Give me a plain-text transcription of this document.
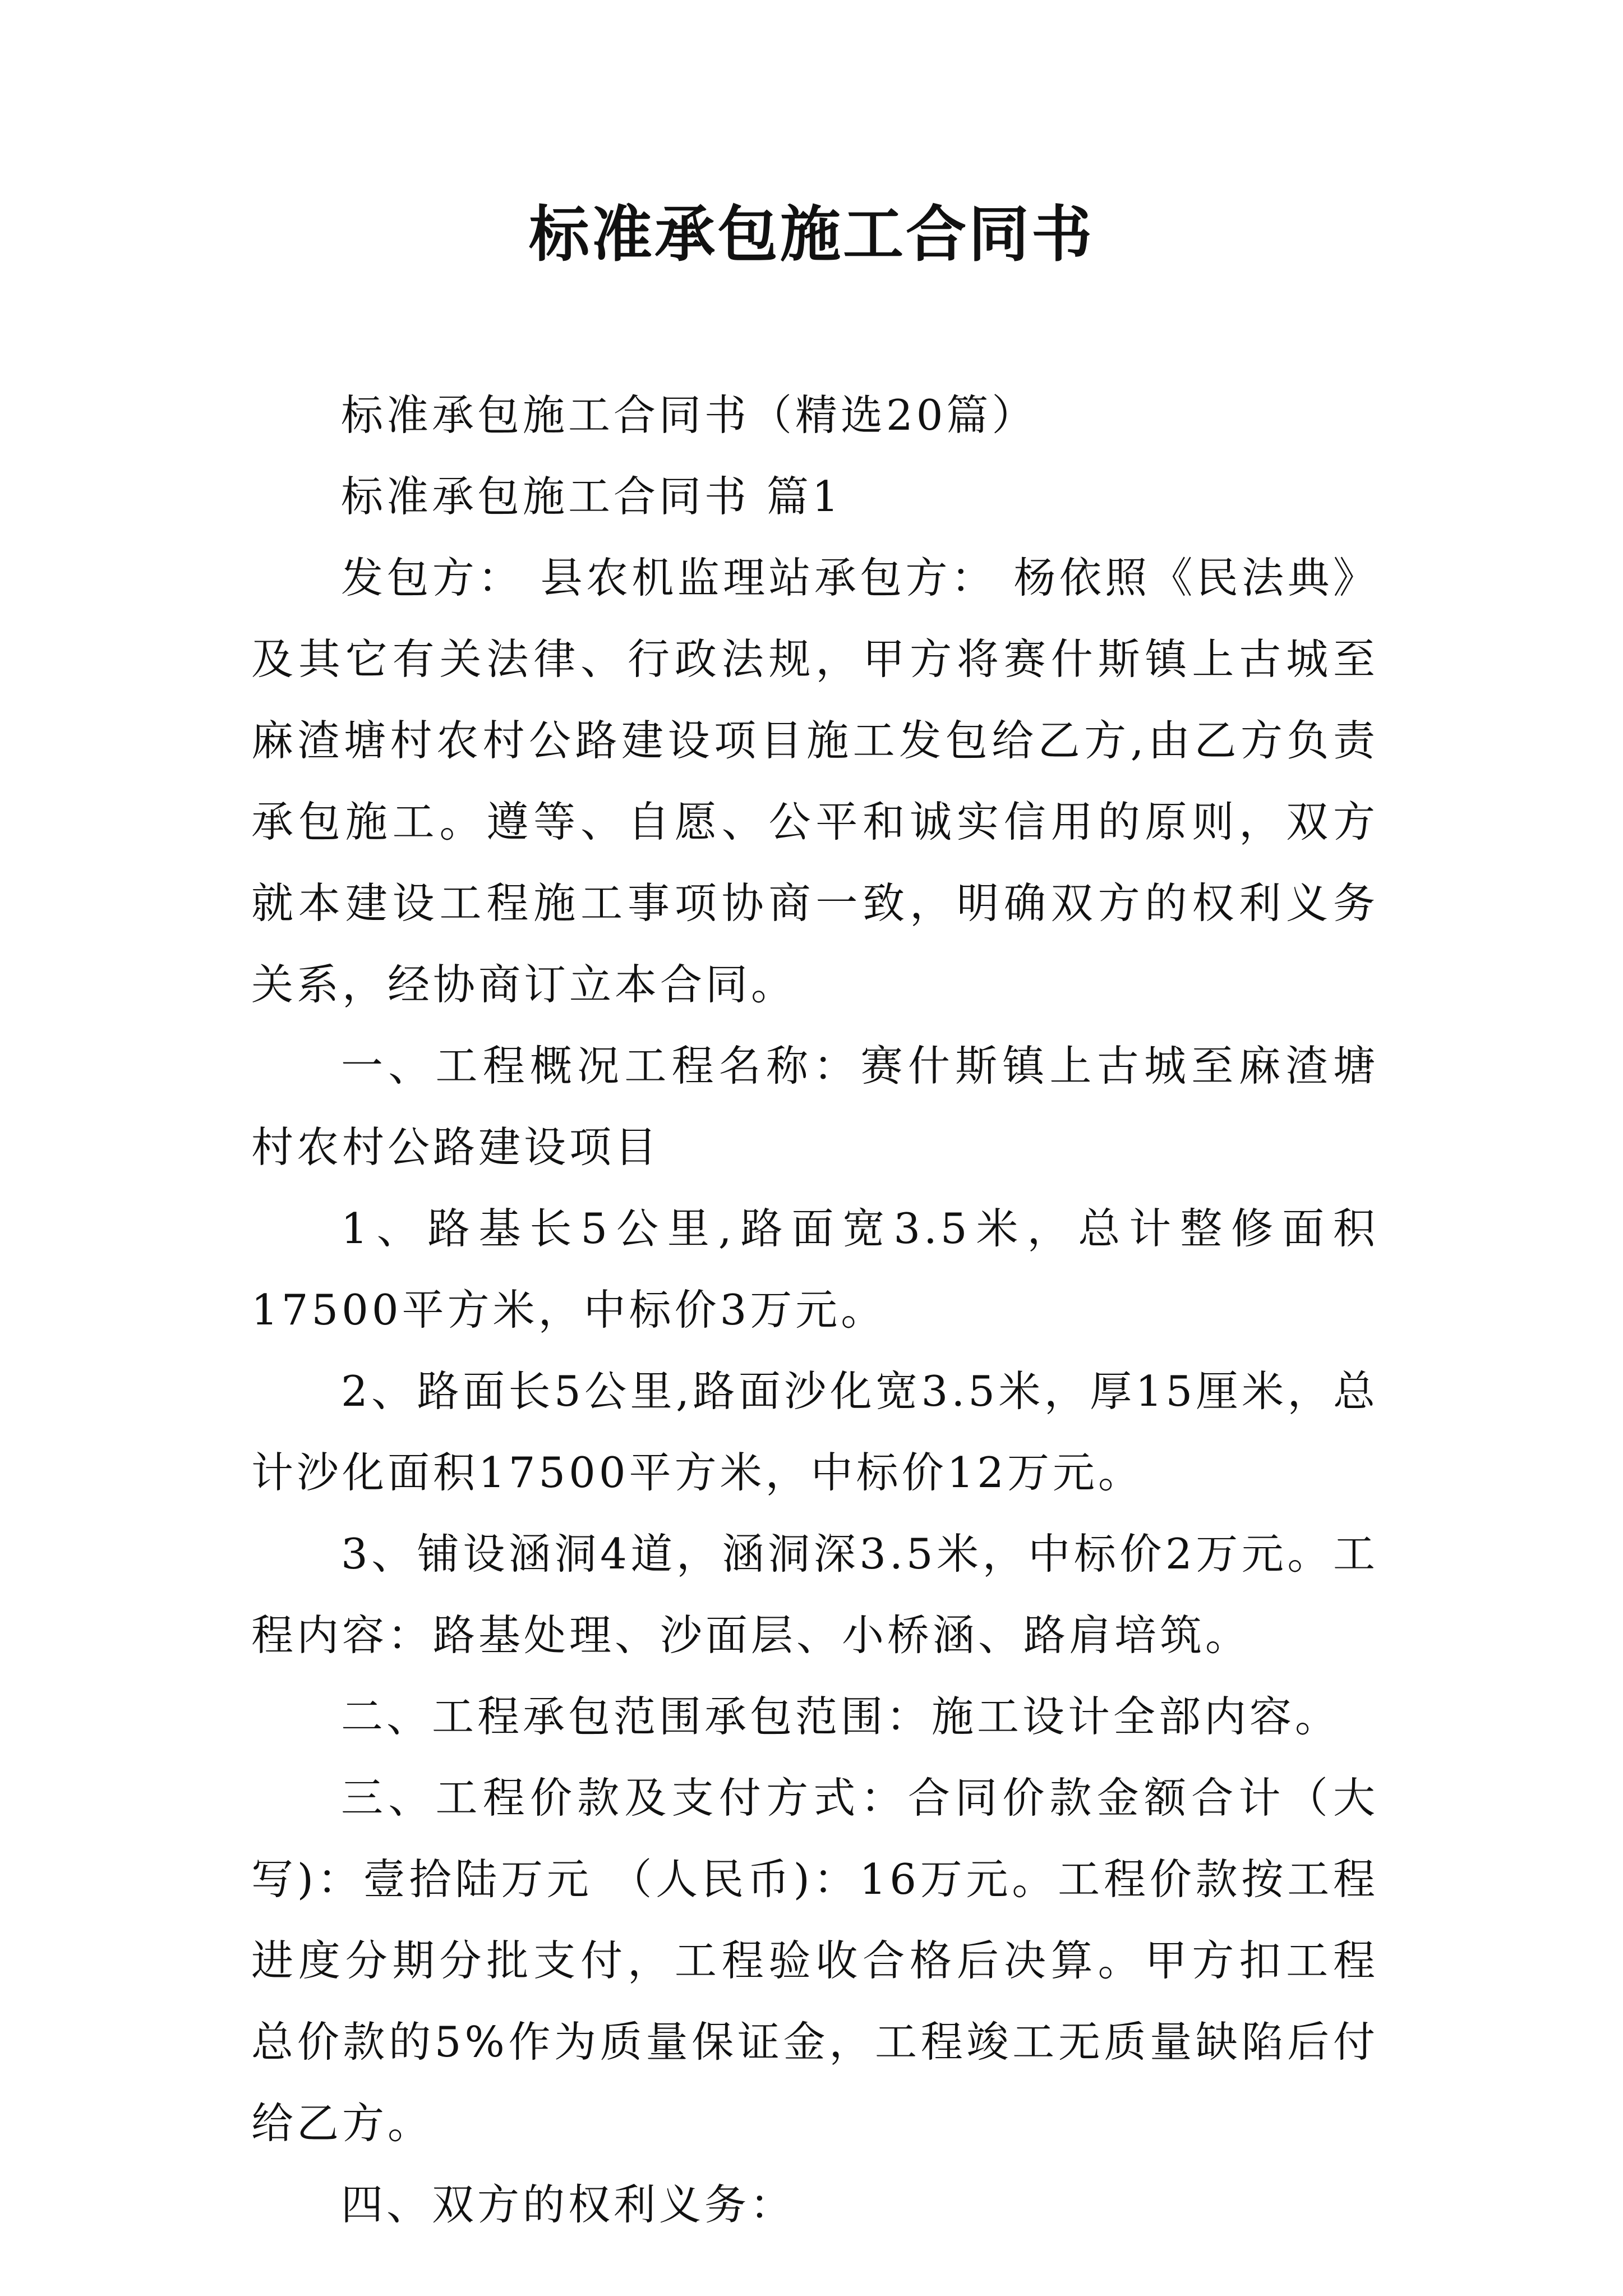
标准承包施工合同书

标准承包施工合同书（精选20篇）

标准承包施工合同书 篇1

发包方： 县农机监理站承包方： 杨依照《民法典》及其它有关法律、行政法规，甲方将赛什斯镇上古城至麻渣塘村农村公路建设项目施工发包给乙方,由乙方负责承包施工。遵等、自愿、公平和诚实信用的原则，双方就本建设工程施工事项协商一致，明确双方的权利义务关系，经协商订立本合同。

一、工程概况工程名称：赛什斯镇上古城至麻渣塘村农村公路建设项目

1、路基长5公里,路面宽3.5米，总计整修面积17500平方米，中标价3万元。

2、路面长5公里,路面沙化宽3.5米，厚15厘米，总计沙化面积17500平方米，中标价12万元。

3、铺设涵洞4道，涵洞深3.5米，中标价2万元。工程内容：路基处理、沙面层、小桥涵、路肩培筑。

二、工程承包范围承包范围：施工设计全部内容。

三、工程价款及支付方式：合同价款金额合计（大写)：壹拾陆万元 （人民币)：16万元。工程价款按工程进度分期分批支付，工程验收合格后决算。甲方扣工程总价款的5%作为质量保证金，工程竣工无质量缺陷后付给乙方。

四、双方的权利义务：
